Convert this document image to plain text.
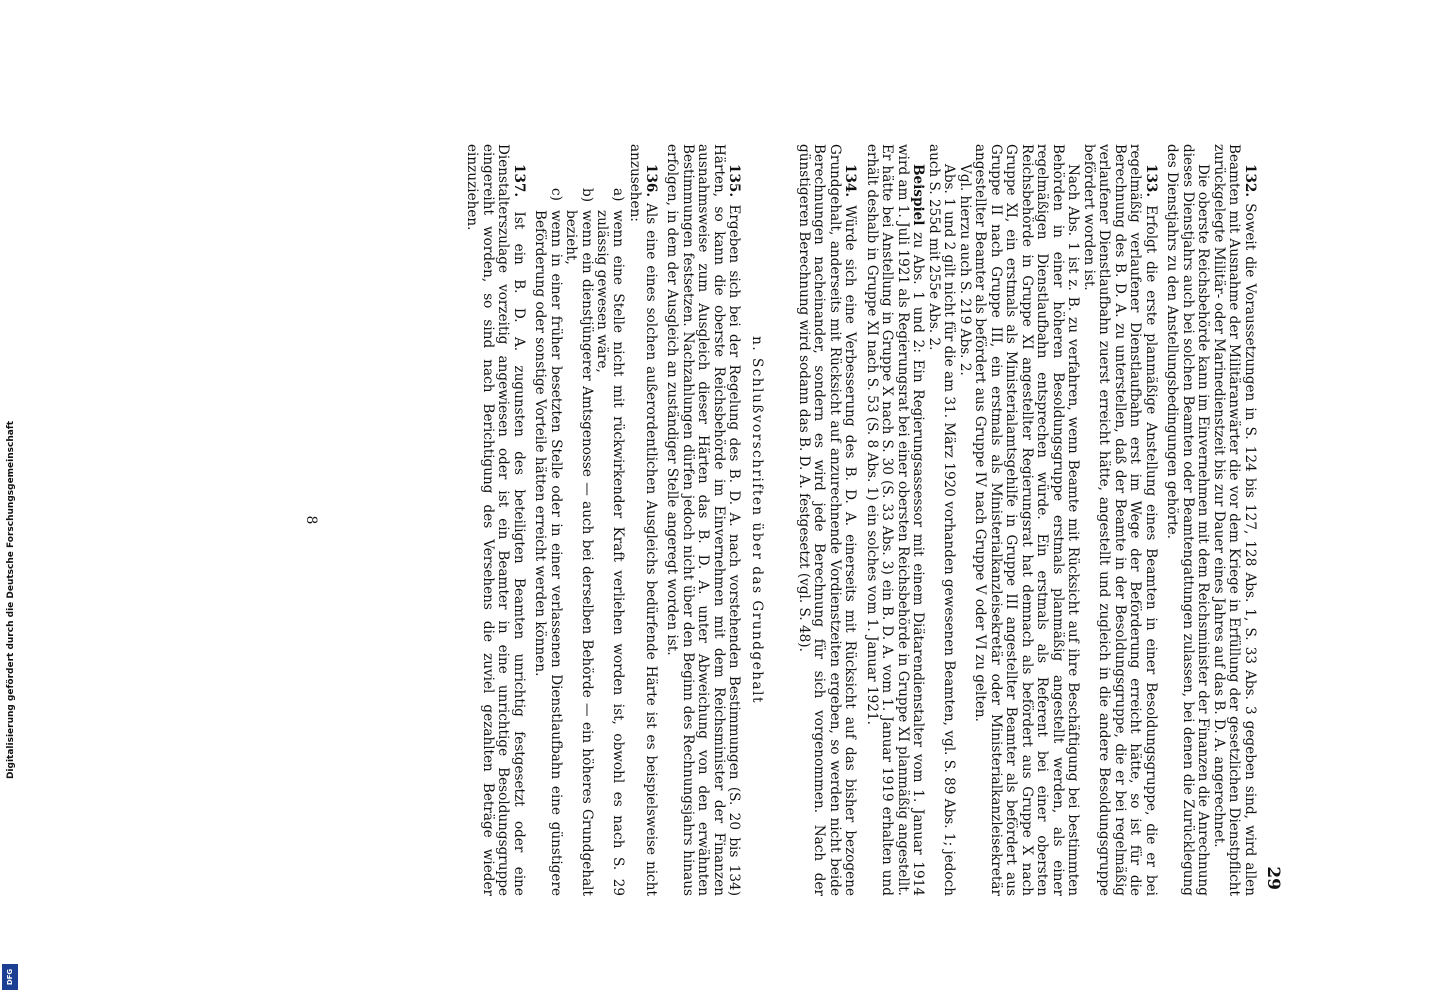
Digitalisierung gefördert durch die Deutsche Forschungsgemeinschaft
DFG
29

132. Soweit die Voraussetzungen in S. 124 bis 127, 128 Abs. 1, S. 33 Abs. 3 gegeben sind, wird allen Beamten mit Ausnahme der Militäranwärter die vor dem Kriege in Erfüllung der gesetzlichen Dienstpflicht zurückgelegte Militär- oder Marinedienstzeit bis zur Dauer eines Jahres auf das B. D. A. angerechnet.

Die oberste Reichsbehörde kann im Einvernehmen mit dem Reichsminister der Finanzen die Anrechnung dieses Dienstjahrs auch bei solchen Beamten oder Beamtengattungen zulassen, bei denen die Zurücklegung des Dienstjahrs zu den Anstellungsbedingungen gehörte.

133. Erfolgt die erste planmäßige Anstellung eines Beamten in einer Besoldungsgruppe, die er bei regelmäßig verlaufener Dienstlaufbahn erst im Wege der Beförderung erreicht hätte, so ist für die Berechnung des B. D. A. zu unterstellen, daß der Beamte in der Besoldungsgruppe, die er bei regelmäßig verlaufener Dienstlaufbahn zuerst erreicht hätte, angestellt und zugleich in die andere Besoldungsgruppe befördert worden ist.

Nach Abs. 1 ist z. B. zu verfahren, wenn Beamte mit Rücksicht auf ihre Beschäftigung bei bestimmten Behörden in einer höheren Besoldungsgruppe erstmals planmäßig angestellt werden, als einer regelmäßigen Dienstlaufbahn entsprechen würde. Ein erstmals als Referent bei einer obersten Reichsbehörde in Gruppe XI angestellter Regierungsrat hat demnach als befördert aus Gruppe X nach Gruppe XI, ein erstmals als Ministerialamtsgehilfe in Gruppe III angestellter Beamter als befördert aus Gruppe II nach Gruppe III, ein erstmals als Ministerialkanzleisekretär oder Ministerialkanzleisekretär angestellter Beamter als befördert aus Gruppe IV nach Gruppe V oder VI zu gelten.

Vgl. hierzu auch S. 219 Abs. 2.

Abs. 1 und 2 gilt nicht für die am 31. März 1920 vorhanden gewesenen Beamten, vgl. S. 89 Abs. 1; jedoch auch S. 255d mit 255e Abs. 2.

Beispiel zu Abs. 1 und 2: Ein Regierungsassessor mit einem Diätarendienstalter vom 1. Januar 1914 wird am 1. Juli 1921 als Regierungsrat bei einer obersten Reichsbehörde in Gruppe XI planmäßig angestellt. Er hätte bei Anstellung in Gruppe X nach S. 30 (S. 33 Abs. 3) ein B. D. A. vom 1. Januar 1919 erhalten und erhält deshalb in Gruppe XI nach S. 53 (S. 8 Abs. 1) ein solches vom 1. Januar 1921.

134. Würde sich eine Verbesserung des B. D. A. einerseits mit Rücksicht auf das bisher bezogene Grundgehalt, anderseits mit Rücksicht auf anzurechnende Vordienstzeiten ergeben, so werden nicht beide Berechnungen nacheinander, sondern es wird jede Berechnung für sich vorgenommen. Nach der günstigeren Berechnung wird sodann das B. D. A. festgesetzt (vgl. S. 48).

n. Schlußvorschriften über das Grundgehalt

135. Ergeben sich bei der Regelung des B. D. A. nach vorstehenden Bestimmungen (S. 20 bis 134) Härten, so kann die oberste Reichsbehörde im Einvernehmen mit dem Reichsminister der Finanzen ausnahmsweise zum Ausgleich dieser Härten das B. D. A. unter Abweichung von den erwähnten Bestimmungen festsetzen. Nachzahlungen dürfen jedoch nicht über den Beginn des Rechnungsjahrs hinaus erfolgen, in dem der Ausgleich an zuständiger Stelle angeregt worden ist.

136. Als eine eines solchen außerordentlichen Ausgleichs bedürfende Härte ist es beispielsweise nicht anzusehen:

a)
wenn eine Stelle nicht mit rückwirkender Kraft verliehen worden ist, obwohl es nach S. 29 zulässig gewesen wäre,
b)
wenn ein dienstjüngerer Amtsgenosse — auch bei derselben Behörde — ein höheres Grundgehalt bezieht,
c)
wenn in einer früher besetzten Stelle oder in einer verlassenen Dienstlaufbahn eine günstigere Beförderung oder sonstige Vorteile hätten erreicht werden können.

137. Ist ein B. D. A. zugunsten des beteiligten Beamten unrichtig festgesetzt oder eine Dienstalterszulage vorzeitig angewiesen oder ist ein Beamter in eine unrichtige Besoldungsgruppe eingereiht worden, so sind nach Berichtigung des Versehens die zuviel gezahlten Beträge wieder einzuziehen.

8
